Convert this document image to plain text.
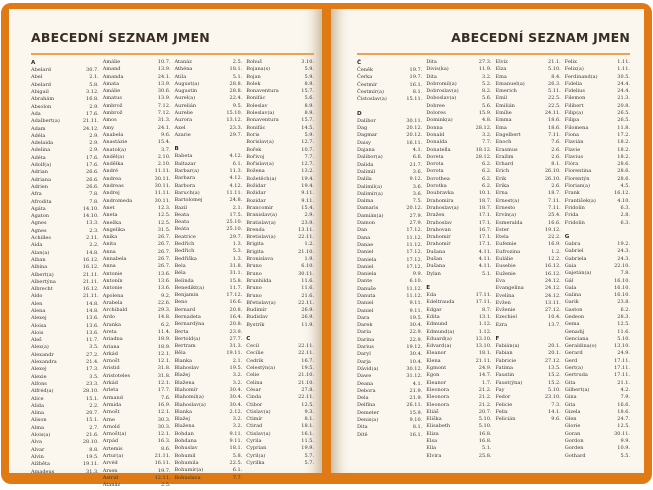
ABECEDNÍ SEZNAM JMEN
A
Abelard	30.7.
Abel	2.1.
Abelard	5.8.
Abigail	3.12.
Abrahám	16.8.
Absolon	2.9.
Ada	17.6.
Adalbert(a)	21.11.
Adam	24.12.
Adéla	2.9.
Adelaida	2.9.
Adelina	2.9.
Adéta	17.6.
Adolf(a)	17.6.
Adrian	26.6.
Adriana	26.6.
Adrien	26.6.
Afra	7.8.
Afrodita	7.8.
Agáta	14.10.
Agaton	14.10.
Agnes	13.3.
Agnes	2.3.
Achilles	2.11.
Aida	2.2.
Alan(a)	14.8.
Alban	16.12.
Albína	16.12.
Albert(a)	21.11.
Albertýna	21.11.
Albrecht	16.12.
Aldo	21.11.
Alen	14.8.
Alena	14.8.
Alexej	13.6.
Aloisa	13.6.
Alois	13.6.
Aleš	11.7.
Alex(a)	3.5.
Alexandr	27.2.
Alexandra	21.4.
Alexej	17.3.
Alexie	3.5.
Alfons	23.3.
Alfréd(a)	28.10.
Alice	15.1.
Alida	2.2.
Alina	20.7.
Alison	15.1.
Alma	2.7.
Alois(a)	21.6.
Alva	28.10.
Alvar	8.8.
Alvin	19.5.
Alžběta	19.11.
Amadeus	31.3.
Amálie	10.7.
Amand	13.9.
Amanda	24.1.
Amata	13.9.
Amálie	30.6.
Amatus	13.9.
Ambrož	7.12.
Ambrož	7.12.
Amos	31.3.
Amy	24.1.
Anabela	9.6.
Anastázie	15.4.
Anatol(a)	3.7.
Anděl(a)	2.10.
Andělka	2.10.
André	11.11.
Andrea	30.11.
Andreas	30.11.
Andrej	11.11.
Andromeda	30.11.
Anet	12.3.
Aneta	12.5.
Anežka	12.5.
Angelika	31.5.
Anika	26.7.
Anita	26.7.
Anna	26.7.
Annabela	26.7.
Anna	26.7.
Antonie	13.6.
Antonín	13.6.
Antonie	13.6.
Apolena	9.2.
Arabela	22.6.
Archibald	29.3.
Ardo	14.8.
Aranka	6.2.
Areta	11.4.
Ariadna	18.9.
Ariana	18.9.
Arkád	12.1.
Arnošt	12.1.
Aristid	31.8.
Aristoteles	31.8.
Arkád	12.1.
Arleta	17.7.
Armand	7.6.
Armida	16.9.
Arnošt	12.1.
Arne	30.3.
Arnold	30.3.
Arnošt(a)	12.1.
Arpád	16.3.
Artemis	8.6.
Artur(a)	21.11.
Arvéd	16.11.
Arsen	19.7.
Astrid	12.11.
Atanáz	2.5.
Atanáz	2.5.
Athéna	18.1.
Atila	5.1.
August(a)	28.8.
Augustin	28.8.
Aurel(a)	22.4.
Aurelián	9.5.
Aurelie	15.10.
Aurora	13.12.
Axel	23.3.
Azarie	29.7.
B
Babeta	4.12.
Baltazar	6.1.
Barbar(a)	11.3.
Barbara	4.12.
Barbora	4.12.
Baruch(a)	11.11.
Bartolomej	24.8.
Bazil	2.1.
Beata	17.5.
Beata	25.10.
Beáta	25.10.
Beatrice	29.7.
Bedřich	1.3.
Bedřich	5.3.
Bedřiška	1.3.
Bela	31.8.
Béla	31.1.
Belinda	15.8.
Benedikt(a)	11.7.
Benjamin	17.12.
Beno	16.6.
Bernard	20.8.
Bernadeta	16.4.
Bernardýna	20.8.
Berta	23.9.
Bertold(a)	27.7.
Bertram	31.3.
Běla	19.11.
Blanka	2.1.
Blahoslav	19.5.
Blažej	3.2.
Blažena	3.2.
Blahomír	30.4.
Blahomil(a)	30.4.
Blahoslav(a)	30.4.
Blanka	2.12.
Blažej	3.2.
Blažena	3.2.
Bohdan	9.11.
Bohdana	9.11.
Bohuslav	18.1.
Bohumil	5.8.
Bohumila	22.5.
Bohumír(a)	6.1.
Bohuslava	7.7.
Bohuš	3.10.
Bojana(s)	5.9.
Bojan	5.9.
Bolek	8.9.
Bonaventura	15.7.
Bonifác	5.6.
Boleslav	8.9.
Boleslav(a)	8.9.
Bonaventura	15.7.
Bonifác	14.5.
Boris	5.9.
Borislav(a)	12.7.
Bořek	10.7.
Bořivoj	7.7.
Bořislav(a)	12.7.
Božena	13.2.
Božetěch(a)	19.4.
Božidar	19.4.
Božidar	9.11.
Bozidar	9.11.
Brancomir	15.4.
Branislav(a)	2.9.
Bratislav(a)	23.9.
Brenda	13.11.
Bretislav(a)	22.11.
Brigita	1.2.
Brigita	21.10.
Bronislava	1.9.
Bruno	6.10.
Bruno	30.11.
Brunhilda	11.6.
Bruno	11.6.
Bruno	21.6.
Břetislav(a)	22.11.
Budimír	26.9.
Budislav	26.9.
Bystrík	11.9.
C
Cecil	22.11.
Cecílie	22.11.
Cedrik	16.7.
Celestýn(a)	19.5.
Celie	21.10.
Celina	21.10.
César	27.8.
Cinda	22.11.
Ctibor	12.5.
Ctislav(a)	9.3.
Ctimír	8.1.
Ctirad	18.1.
Ctislav(a)	16.1.
Cyrila	11.5.
Cyprian	19.9.
Cyril(a)	5.7.
Cyrilka	5.7.
ABECEDNÍ SEZNAM JMEN
Č
Čeněk	19.7.
Čerka	19.7.
Čestmír	16.1.
Čestmír(a)	8.1.
Čistoslav(a)	15.11.
D
Dalibor	30.11.
Dag	20.12.
Dagmar	20.12.
Daisy	16.11.
Dajana	4.1.
Dalibor(a)	6.6.
Dalida	21.7.
Dalimil	3.6.
Dalila	9.12.
Dalimil(a)	3.6.
Dalimír(a)	3.6.
Dalma	7.5.
Damaris	20.12.
Damián(a)	27.9.
Damon	27.9.
Dan	17.12.
Dana	11.12.
Danae	11.12.
Daniel	17.12.
Daniela	17.12.
Daniel	17.12.
Daniela	9.9.
Dante	6.10.
Danuše	11.12.
Danuta	11.12.
Daniel	9.11.
Daniel	9.11.
Dara	19.5.
Darek	30.4.
Daria	22.9.
Darina	22.9.
Darius	19.12.
Daryl	30.4.
Darja	10.4.
Dávid(a)	30.12.
Dawe	31.12.
Deana	4.1.
Debora	21.9.
Dela	21.9.
Delfína	26.11.
Demeter	15.9.
Denis(a)	9.10.
Dita	8.1.
Dítě	16.1.
Dita	27.3.
Divis(ka)	11.9.
Dita	3.2.
Dobromil(a)	5.2.
Dobroslav(a)	8.2.
Doboslav(a)	5.6.
Dobree	5.6.
Dolores	15.9.
Domink(a)	4.8.
Donna	28.12.
Donald	3.2.
Donalda	7.7.
Donatella	18.12.
Doreta	28.12.
Dorota	6.2.
Dorota	6.2.
Dorothea	6.2.
Dorotka	6.2.
Doubravka	10.1.
Drahomíra	18.7.
Drahoslav(a)	18.7.
Dražen	17.1.
Drahoslav	17.1.
Drahovan	16.7.
Drahomír	17.1.
Drahomír	17.1.
Dušana	4.11.
Dušan	4.11.
Dušana	4.11.
Dylan	5.1.
E
Eda	17.11.
Edeltrauda	17.11.
Edgar	8.7.
Edita	13.1.
Edmund	1.12.
Edmund(a)	1.12.
Eduard(a)	13.10.
Edvard(a)	13.10.
Eleanor	18.1.
Elena	21.11.
Egmont	24.9.
Egon	14.7.
Eleanor	1.7.
Eleonora	21.2.
Eleonora	21.2.
Eleonora	21.2.
Eliáš	20.7.
Eliška	5.10.
Elisabeth	5.10.
Eliza	16.8.
Elsa	16.8.
Ella	5.1.
Elvira	25.8.
Elvíz	21.1.
Elza	5.10.
Ema	8.4.
Emanuel(a)	26.3.
Emerich	5.11.
Emil	22.5.
Emilián	22.5.
Emílie	24.11.
Emma	18.6.
Ema	18.6.
Engelbert	7.11.
Enoch	7.6.
Erasmus	2.6.
Eražim	2.6.
Erhard	8.1.
Erich	26.10.
Erik	26.10.
Erika	2.6.
Erna	18.7.
Ernest(a)	7.11.
Ernesto	7.11.
Ervín(a)	25.4.
Esmeralda	16.6.
Ester	19.12.
Etela	22.2.
Eufemie	16.9.
Eufrozina	1.2.
Eulálie	12.2.
Eusebie	16.12.
Euženie	16.12.
Eva	24.12.
Evangelina	24.12.
Evelína	24.12.
Evžen	13.11.
Evženie	27.12.
Ezechiel	10.4.
Ezra	13.7.
F
Fabián(a)	20.1.
Fabian	20.1.
Fabricie	27.12.
Fatima	13.5.
Faustin	15.2.
Faust(ýna)	15.2.
Fay	5.10.
Fedor	23.10.
Felicie	7.3.
Felix	14.1.
Felicián	9.6.
Felix	1.11.
Felix(a)	1.11.
Ferdinand(a)	30.5.
Fidelia	24.4.
Fidelius	24.4.
Filemon	21.3.
Filibert	20.8.
Filip(a)	26.5.
Filipa	26.5.
Filomena	11.8.
Fiona	17.2.
Flavián	18.2.
Flavie	18.2.
Flavius	18.2.
Flóra	28.6.
Florentina	28.6.
Florentýn	28.6.
Florian(a)	4.5.
Frank	16.12.
František(a)	4.10.
Fridolín	6.3.
Frida	2.8.
Fridolín	6.3.
G
Gabra	19.2.
Gabriel	24.3.
Gabriela	24.3.
Gaia	22.10.
Gajetán(a)	7.8.
Gál	16.10.
Gala	16.10.
Galina	16.10.
Garik	23.8.
Gaston	6.2.
Gedeon	28.3.
Gema	12.5.
Genadij	11.6.
Genciana	5.10.
Geraldina(o)	13.10.
Gerard	24.9.
Gerd	17.11.
Gert(a)	17.11.
Gertruda	17.11.
Gita	21.1.
Gilbert(a)	4.2.
Gina	7.9.
Gita	16.6.
Gizela	18.6.
Glen	24.7.
Glorie	12.5.
Goran	30.11.
Gordon	9.9.
Gorden	10.9.
Gothard	5.5.
